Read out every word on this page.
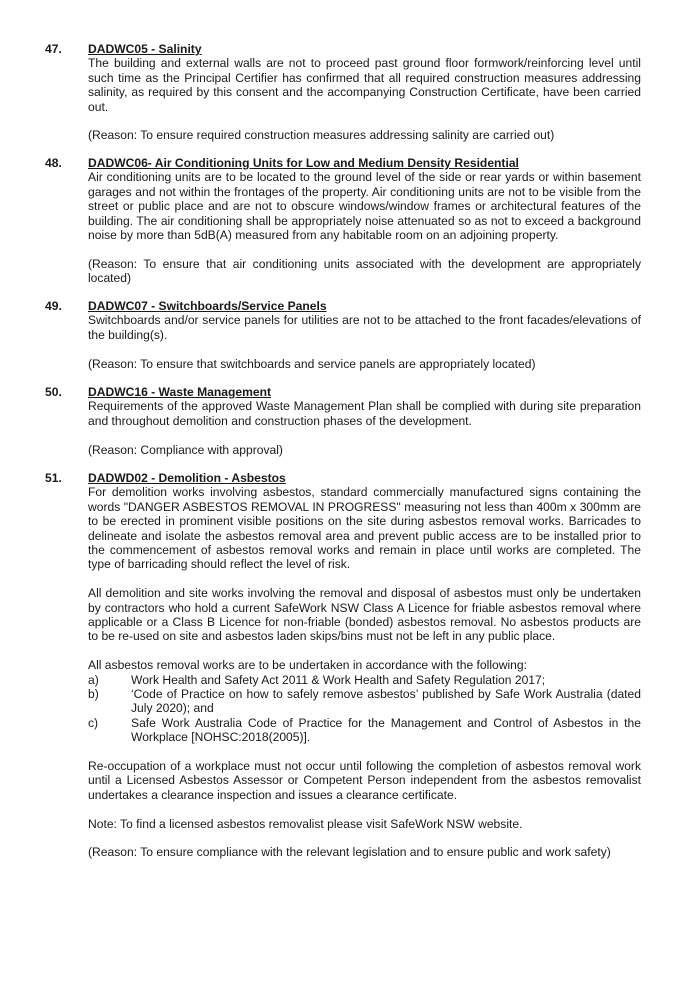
47. DADWC05 - Salinity

The building and external walls are not to proceed past ground floor formwork/reinforcing level until such time as the Principal Certifier has confirmed that all required construction measures addressing salinity, as required by this consent and the accompanying Construction Certificate, have been carried out.

(Reason: To ensure required construction measures addressing salinity are carried out)

48. DADWC06- Air Conditioning Units for Low and Medium Density Residential

Air conditioning units are to be located to the ground level of the side or rear yards or within basement garages and not within the frontages of the property. Air conditioning units are not to be visible from the street or public place and are not to obscure windows/window frames or architectural features of the building. The air conditioning shall be appropriately noise attenuated so as not to exceed a background noise by more than 5dB(A) measured from any habitable room on an adjoining property.

(Reason: To ensure that air conditioning units associated with the development are appropriately located)

49. DADWC07 - Switchboards/Service Panels

Switchboards and/or service panels for utilities are not to be attached to the front facades/elevations of the building(s).

(Reason: To ensure that switchboards and service panels are appropriately located)

50. DADWC16 - Waste Management

Requirements of the approved Waste Management Plan shall be complied with during site preparation and throughout demolition and construction phases of the development.

(Reason: Compliance with approval)

51. DADWD02 - Demolition - Asbestos

For demolition works involving asbestos, standard commercially manufactured signs containing the words "DANGER ASBESTOS REMOVAL IN PROGRESS" measuring not less than 400m x 300mm are to be erected in prominent visible positions on the site during asbestos removal works. Barricades to delineate and isolate the asbestos removal area and prevent public access are to be installed prior to the commencement of asbestos removal works and remain in place until works are completed. The type of barricading should reflect the level of risk.

All demolition and site works involving the removal and disposal of asbestos must only be undertaken by contractors who hold a current SafeWork NSW Class A Licence for friable asbestos removal where applicable or a Class B Licence for non-friable (bonded) asbestos removal. No asbestos products are to be re-used on site and asbestos laden skips/bins must not be left in any public place.

All asbestos removal works are to be undertaken in accordance with the following:

a)	Work Health and Safety Act 2011 & Work Health and Safety Regulation 2017;
b)	‘Code of Practice on how to safely remove asbestos’ published by Safe Work Australia (dated July 2020); and
c)	Safe Work Australia Code of Practice for the Management and Control of Asbestos in the Workplace [NOHSC:2018(2005)].

Re-occupation of a workplace must not occur until following the completion of asbestos removal work until a Licensed Asbestos Assessor or Competent Person independent from the asbestos removalist undertakes a clearance inspection and issues a clearance certificate.

Note: To find a licensed asbestos removalist please visit SafeWork NSW website.

(Reason: To ensure compliance with the relevant legislation and to ensure public and work safety)
